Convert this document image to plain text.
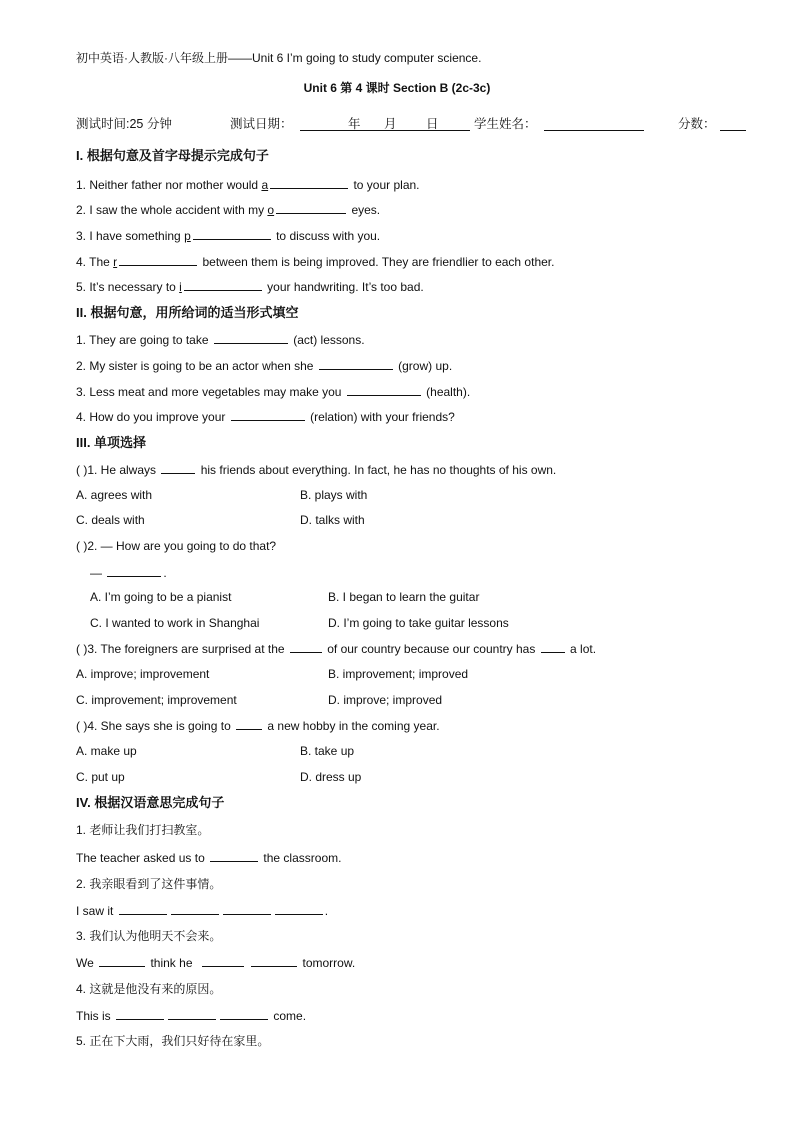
初中英语·人教版·八年级上册——Unit 6 I’m going to study computer science.
Unit 6 第 4 课时 Section B (2c-3c)
测试时间:25 分钟	测试日期：	年 月 日	学生姓名：	分数：
I. 根据句意及首字母提示完成句子
1. Neither father nor mother would a	to your plan.
2. I saw the whole accident with my o	eyes.
3. I have something p	to discuss with you.
4. The r	between them is being improved. They are friendlier to each other.
5. It’s necessary to i	your handwriting. It’s too bad.
II. 根据句意，用所给词的适当形式填空
1. They are going to take	(act) lessons.
2. My sister is going to be an actor when she	(grow) up.
3. Less meat and more vegetables may make you	(health).
4. How do you improve your	(relation) with your friends?
III. 单项选择
( )1. He always	his friends about everything. In fact, he has no thoughts of his own.
A. agrees with	B. plays with
C. deals with	D. talks with
( )2. — How are you going to do that?
—	.
A. I’m going to be a pianist	B. I began to learn the guitar
C. I wanted to work in Shanghai	D. I’m going to take guitar lessons
( )3. The foreigners are surprised at the	of our country because our country has  a lot.
A. improve; improvement	B. improvement; improved
C. improvement; improvement	D. improve; improved
( )4. She says she is going to	a new hobby in the coming year.
A. make up	B. take up
C. put up	D. dress up
IV. 根据汉语意思完成句子
1. 老师让我们打扫教室。
The teacher asked us to	the classroom.
2. 我亲眼看到了这件事情。
I saw it	.
3. 我们认为他明天不会来。
We	think he	tomorrow.
4. 这就是他没有来的原因。
This is	come.
5. 正在下大雨，我们只好待在家里。
